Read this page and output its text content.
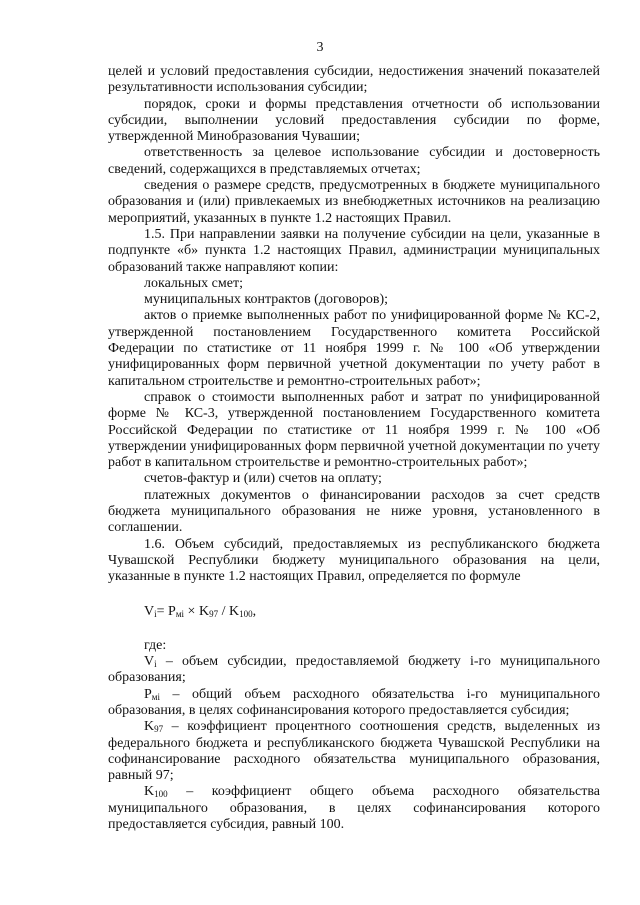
3

целей и условий предоставления субсидии, недостижения значений показателей результативности использования субсидии;

порядок, сроки и формы представления отчетности об использовании субсидии, выполнении условий предоставления субсидии по форме, утвержденной Минобразования Чувашии;

ответственность за целевое использование субсидии и достоверность сведений, содержащихся в представляемых отчетах;

сведения о размере средств, предусмотренных в бюджете муниципального образования и (или) привлекаемых из внебюджетных источников на реализацию мероприятий, указанных в пункте 1.2 настоящих Правил.

1.5. При направлении заявки на получение субсидии на цели, указанные в подпункте «б» пункта 1.2 настоящих Правил, администрации муниципальных образований также направляют копии:

локальных смет;

муниципальных контрактов (договоров);

актов о приемке выполненных работ по унифицированной форме № КС-2, утвержденной постановлением Государственного комитета Российской Федерации по статистике от 11 ноября 1999 г. № 100 «Об утверждении унифицированных форм первичной учетной документации по учету работ в капитальном строительстве и ремонтно-строительных работ»;

справок о стоимости выполненных работ и затрат по унифицированной форме № КС-3, утвержденной постановлением Государственного комитета Российской Федерации по статистике от 11 ноября 1999 г. № 100 «Об утверждении унифицированных форм первичной учетной документации по учету работ в капитальном строительстве и ремонтно-строительных работ»;

счетов-фактур и (или) счетов на оплату;

платежных документов о финансировании расходов за счет средств бюджета муниципального образования не ниже уровня, установленного в соглашении.

1.6. Объем субсидий, предоставляемых из республиканского бюджета Чувашской Республики бюджету муниципального образования на цели, указанные в пункте 1.2 настоящих Правил, определяется по формуле

$V_i= P_{мi} \times K_{97} / K_{100}$,

где:

$V_i$ – объем субсидии, предоставляемой бюджету i-го муниципального образования;

$P_{мi}$ – общий объем расходного обязательства i-го муниципального образования, в целях софинансирования которого предоставляется субсидия;

$K_{97}$ – коэффициент процентного соотношения средств, выделенных из федерального бюджета и республиканского бюджета Чувашской Республики на софинансирование расходного обязательства муниципального образования, равный 97;

$K_{100}$ – коэффициент общего объема расходного обязательства муниципального образования, в целях софинансирования которого предоставляется субсидия, равный 100.
